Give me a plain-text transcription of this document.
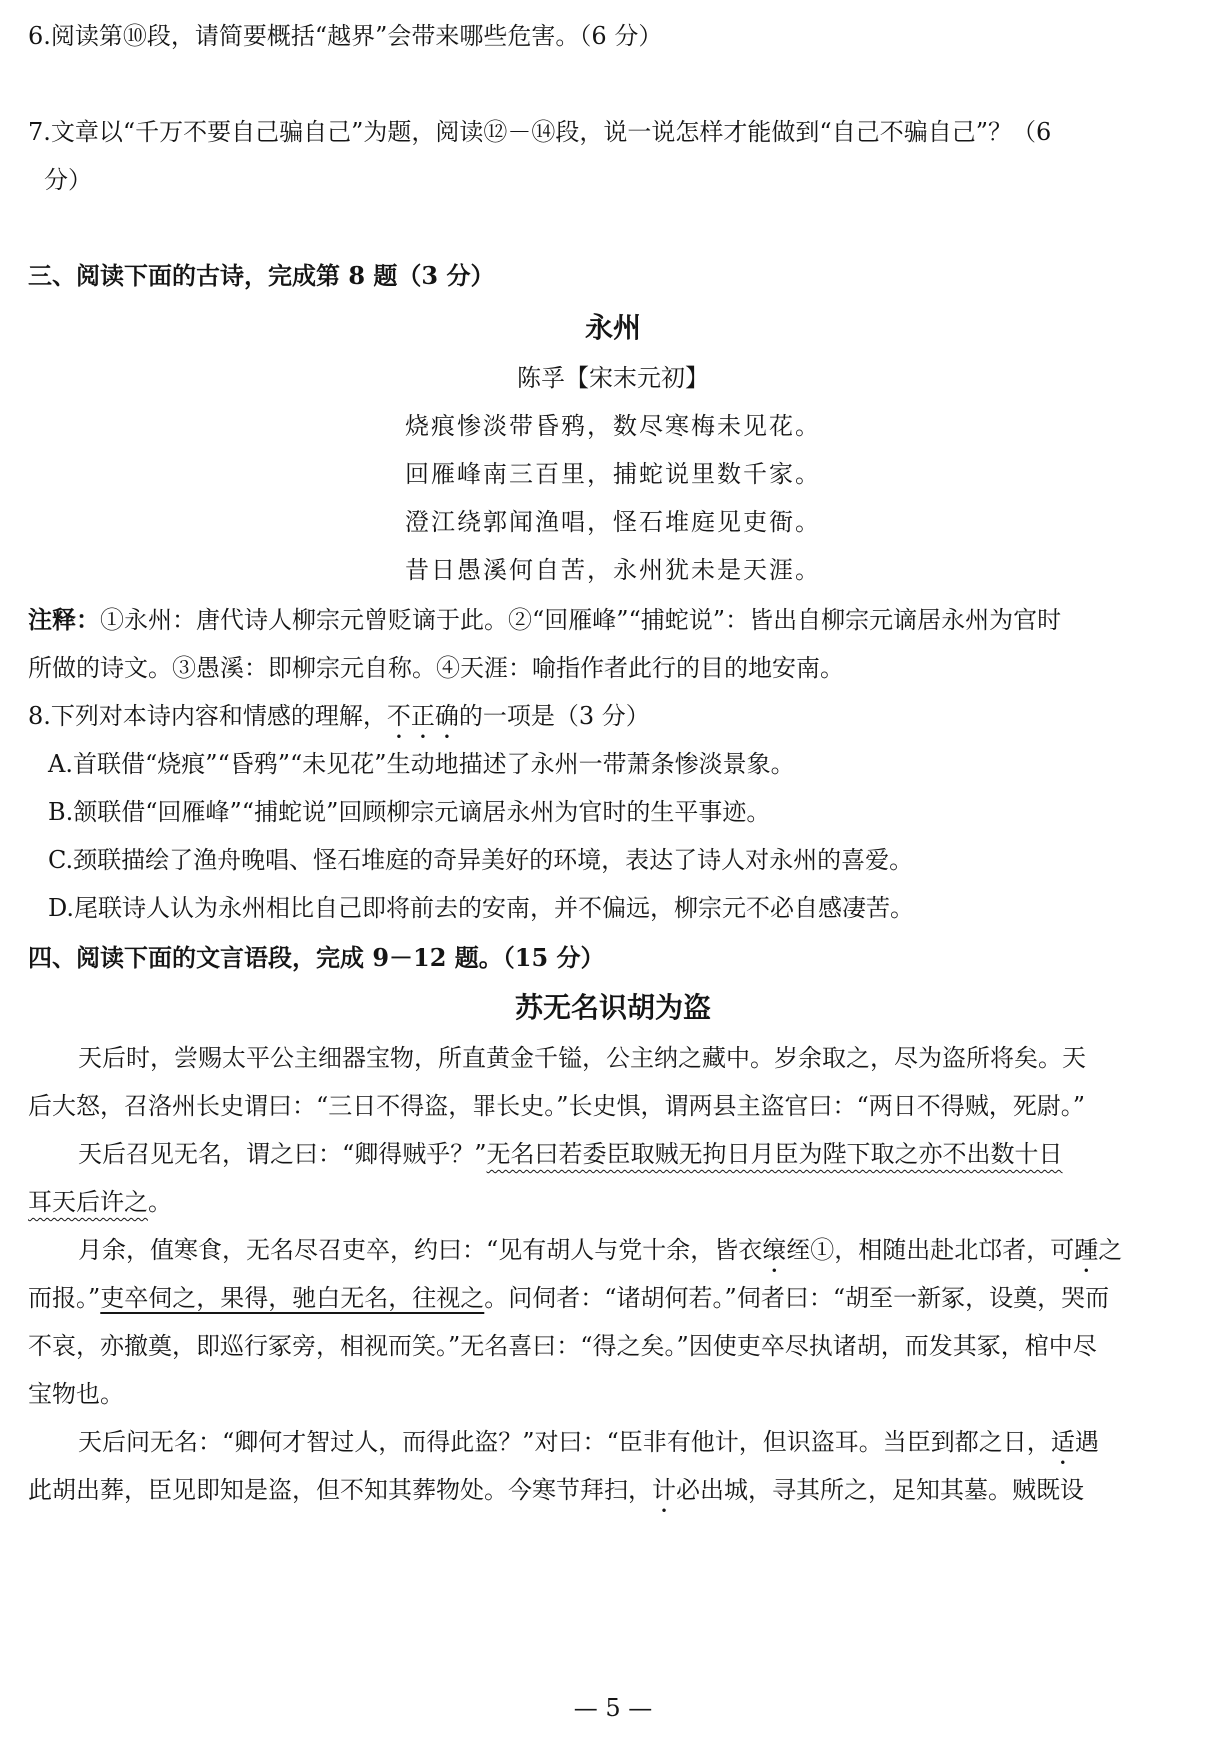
6.阅读第⑩段，请简要概括“越界”会带来哪些危害。（6 分）
7.文章以“千万不要自己骗自己”为题，阅读⑫－⑭段，说一说怎样才能做到“自己不骗自己”？（6
分）
三、阅读下面的古诗，完成第 8 题（3 分）
永州
陈孚【宋末元初】
烧痕惨淡带昏鸦，数尽寒梅未见花。
回雁峰南三百里，捕蛇说里数千家。
澄江绕郭闻渔唱，怪石堆庭见吏衙。
昔日愚溪何自苦，永州犹未是天涯。
注释：①永州：唐代诗人柳宗元曾贬谪于此。②“回雁峰”“捕蛇说”：皆出自柳宗元谪居永州为官时
所做的诗文。③愚溪：即柳宗元自称。④天涯：喻指作者此行的目的地安南。
8.下列对本诗内容和情感的理解，不正确的一项是（3 分）
A.首联借“烧痕”“昏鸦”“未见花”生动地描述了永州一带萧条惨淡景象。
B.颔联借“回雁峰”“捕蛇说”回顾柳宗元谪居永州为官时的生平事迹。
C.颈联描绘了渔舟晚唱、怪石堆庭的奇异美好的环境，表达了诗人对永州的喜爱。
D.尾联诗人认为永州相比自己即将前去的安南，并不偏远，柳宗元不必自感凄苦。
四、阅读下面的文言语段，完成 9－12 题。（15 分）
苏无名识胡为盗
天后时，尝赐太平公主细器宝物，所直黄金千镒，公主纳之藏中。岁余取之，尽为盗所将矣。天
后大怒，召洛州长史谓曰：“三日不得盗，罪长史。”长史惧，谓两县主盗官曰：“两日不得贼，死尉。”
天后召见无名，谓之曰：“卿得贼乎？”无名曰若委臣取贼无拘日月臣为陛下取之亦不出数十日
耳天后许之。
月余，值寒食，无名尽召吏卒，约曰：“见有胡人与党十余，皆衣缞绖①，相随出赴北邙者，可踵之
而报。”吏卒伺之，果得，驰白无名，往视之。问伺者：“诸胡何若。”伺者曰：“胡至一新冢，设奠，哭而
不哀，亦撤奠，即巡行冢旁，相视而笑。”无名喜曰：“得之矣。”因使吏卒尽执诸胡，而发其冢，棺中尽
宝物也。
天后问无名：“卿何才智过人，而得此盗？”对曰：“臣非有他计，但识盗耳。当臣到都之日，适遇
此胡出葬，臣见即知是盗，但不知其葬物处。今寒节拜扫，计必出城，寻其所之，足知其墓。贼既设
— 5 —
